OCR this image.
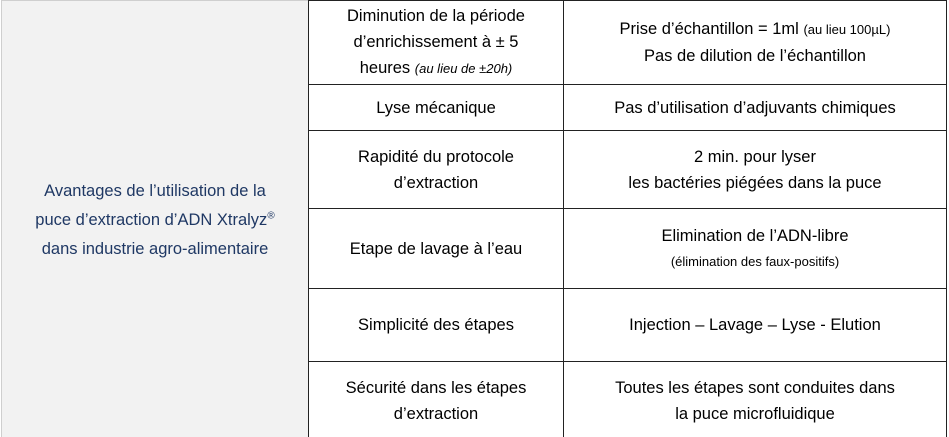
Avantages de l’utilisation de la
puce d’extraction d’ADN Xtralyz®
dans industrie agro-alimentaire	Diminution de la période
d’enrichissement à ± 5
heures (au lieu de ±20h)	Prise d’échantillon = 1ml (au lieu 100µL)
Pas de dilution de l’échantillon

	Lyse mécanique	Pas d’utilisation d’adjuvants chimiques

	Rapidité du protocole
d’extraction	2 min. pour lyser
les bactéries piégées dans la puce

	Etape de lavage à l’eau	Elimination de l’ADN-libre
(élimination des faux-positifs)

	Simplicité des étapes	Injection – Lavage – Lyse - Elution

	Sécurité dans les étapes
d’extraction	Toutes les étapes sont conduites dans
la puce microfluidique
